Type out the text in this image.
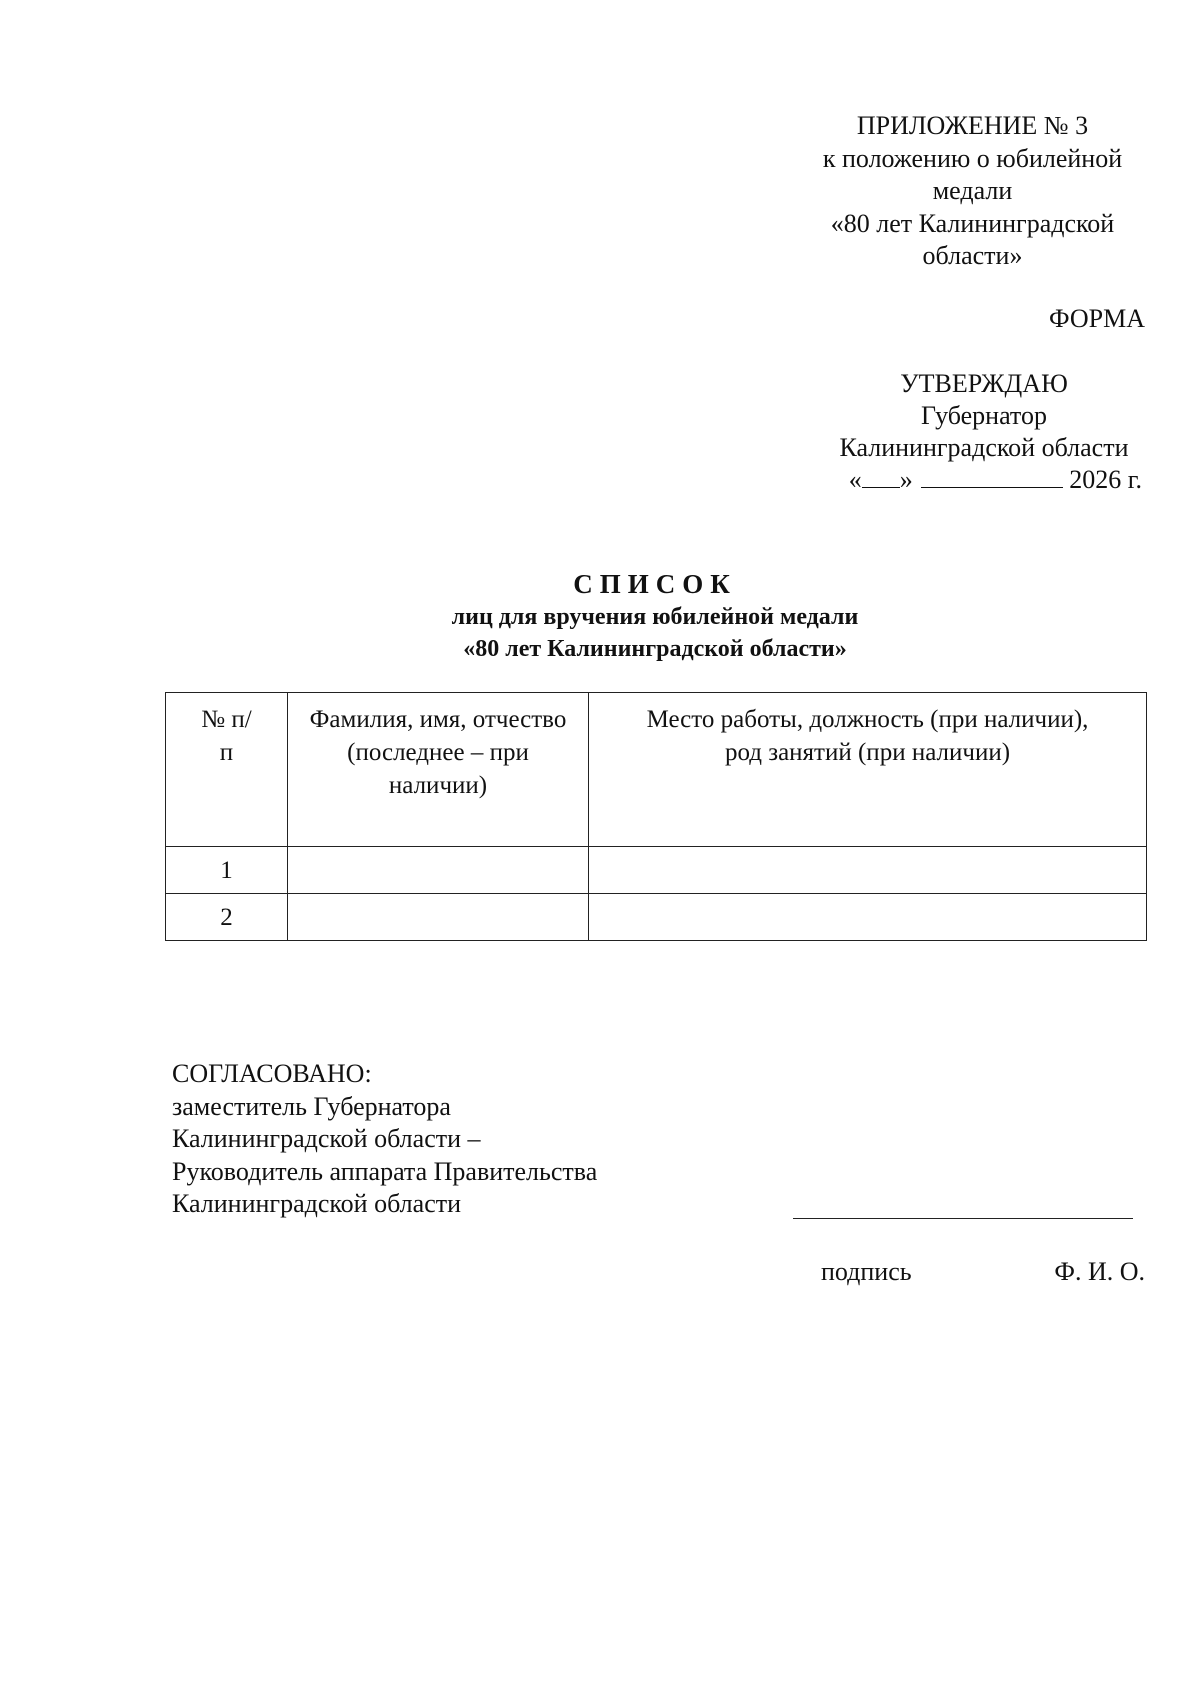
ПРИЛОЖЕНИЕ № 3
к положению о юбилейной
медали
«80 лет Калининградской
области»
ФОРМА
УТВЕРЖДАЮ
Губернатор
Калининградской области
« »	2026 г.
СПИСОК
лиц для вручения юбилейной медали
«80 лет Калининградской области»
№ п/п	Фамилия, имя, отчество (последнее – при наличии)	Место работы, должность (при наличии), род занятий (при наличии)
1		
2		
СОГЛАСОВАНО:
заместитель Губернатора
Калининградской области –
Руководитель аппарата Правительства
Калининградской области
подпись	Ф. И. О.
